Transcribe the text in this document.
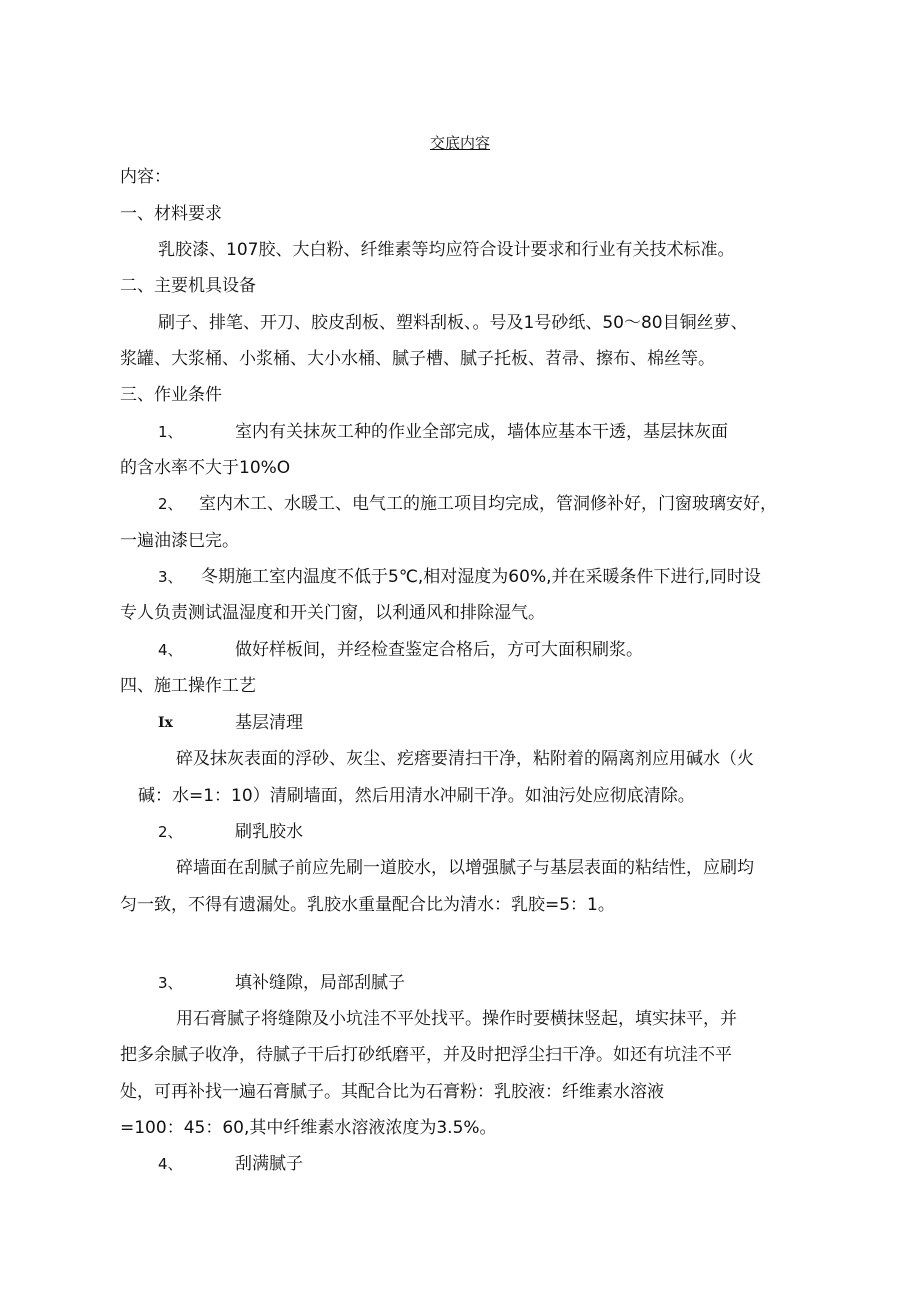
交底内容
内容：
一、材料要求
乳胶漆、107胶、大白粉、纤维素等均应符合设计要求和行业有关技术标准。
二、主要机具设备
刷子、排笔、开刀、胶皮刮板、塑料刮板、。号及1号砂纸、50～80目铜丝萝、
浆罐、大浆桶、小浆桶、大小水桶、腻子槽、腻子托板、苕帚、擦布、棉丝等。
三、作业条件
1、	室内有关抹灰工种的作业全部完成，墙体应基本干透，基层抹灰面
的含水率不大于10%O
2、 室内木工、水暖工、电气工的施工项目均完成，管洞修补好，门窗玻璃安好，
一遍油漆巳完。
3、 冬期施工室内温度不低于5℃,相对湿度为60%,并在采暖条件下进行,同时设
专人负责测试温湿度和开关门窗，以利通风和排除湿气。
4、	做好样板间，并经检查鉴定合格后，方可大面积刷浆。
四、施工操作工艺
Ix	基层清理
碎及抹灰表面的浮砂、灰尘、疙瘩要清扫干净，粘附着的隔离剂应用碱水（火
碱：水=1：10）清刷墙面，然后用清水冲刷干净。如油污处应彻底清除。
2、	刷乳胶水
碎墙面在刮腻子前应先刷一道胶水，以增强腻子与基层表面的粘结性，应刷均
匀一致，不得有遗漏处。乳胶水重量配合比为清水：乳胶=5：1。
3、	填补缝隙，局部刮腻子
用石膏腻子将缝隙及小坑洼不平处找平。操作时要横抹竖起，填实抹平，并
把多余腻子收净，待腻子干后打砂纸磨平，并及时把浮尘扫干净。如还有坑洼不平
处，可再补找一遍石膏腻子。其配合比为石膏粉：乳胶液：纤维素水溶液
=100：45：60,其中纤维素水溶液浓度为3.5%。
4、	刮满腻子
